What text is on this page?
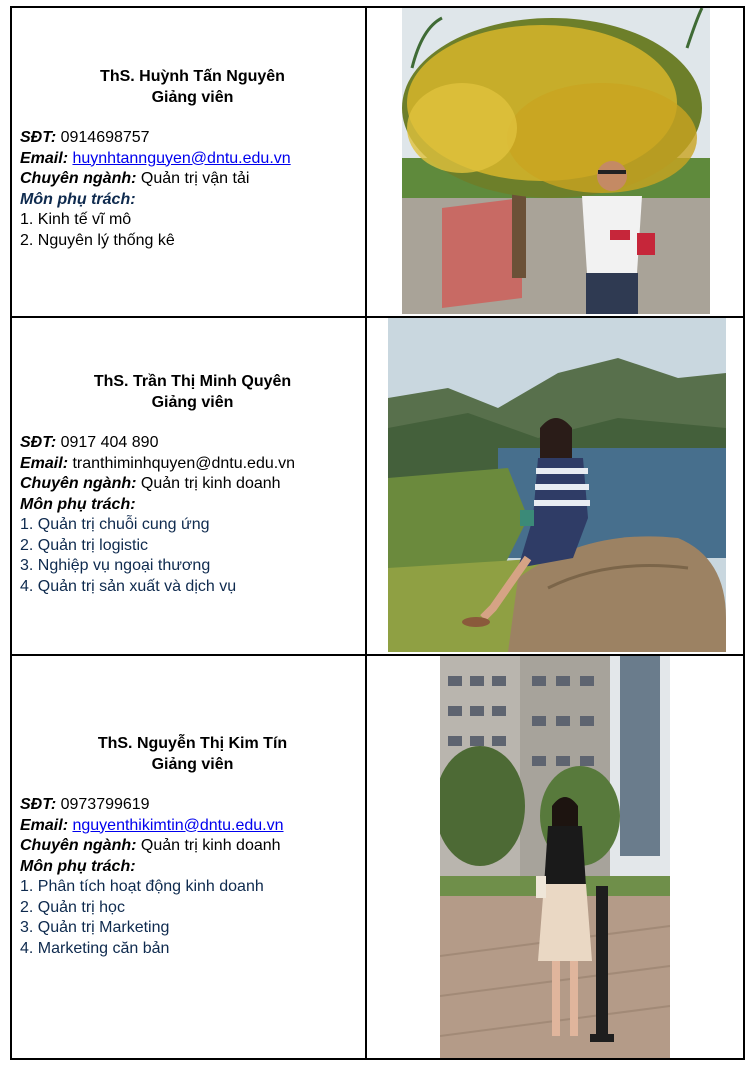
ThS. Huỳnh Tấn Nguyên
Giảng viên
SĐT: 0914698757
Email: huynhtannguyen@dntu.edu.vn
Chuyên ngành: Quản trị vận tải
Môn phụ trách:
1. Kinh tế vĩ mô
2. Nguyên lý thống kê
ThS. Trần Thị Minh Quyên
Giảng viên
SĐT: 0917 404 890
Email: tranthiminhquyen@dntu.edu.vn
Chuyên ngành: Quản trị kinh doanh
Môn phụ trách:
1. Quản trị chuỗi cung ứng
2. Quản trị logistic
3. Nghiệp vụ ngoại thương
4. Quản trị sản xuất và dịch vụ
ThS. Nguyễn Thị Kim Tín
Giảng viên
SĐT: 0973799619
Email: nguyenthikimtin@dntu.edu.vn
Chuyên ngành: Quản trị kinh doanh
Môn phụ trách:
1. Phân tích hoạt động kinh doanh
2. Quản trị học
3. Quản trị Marketing
4. Marketing căn bản
